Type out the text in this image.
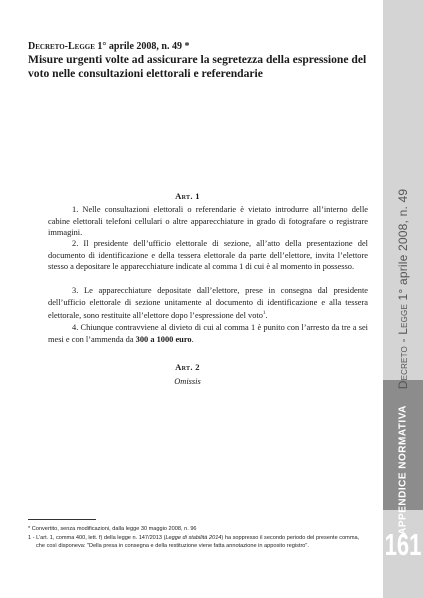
Decreto-Legge 1° aprile 2008, n. 49 *
Misure urgenti volte ad assicurare la segretezza della espressione del voto nelle consultazioni elettorali e referendarie
Art. 1

1. Nelle consultazioni elettorali o referendarie è vietato introdurre all’interno delle cabine elettorali telefoni cellulari o altre apparecchiature in grado di fotografare o registrare immagini.

2. Il presidente dell’ufficio elettorale di sezione, all’atto della presentazione del documento di identificazione e della tessera elettorale da parte dell’elettore, invita l’elettore stesso a depositare le apparecchiature indicate al comma 1 di cui è al momento in possesso.

3. Le apparecchiature depositate dall’elettore, prese in consegna dal presidente dell’ufficio elettorale di sezione unitamente al documento di identificazione e alla tessera elettorale, sono restituite all’elettore dopo l’espressione del voto$^1$.

4. Chiunque contravviene al divieto di cui al comma 1 è punito con l’arresto da tre a sei mesi e con l’ammenda da 300 a 1000 euro.

Art. 2
Omissis

* Convertito, senza modificazioni, dalla legge 30 maggio 2008, n. 96

1 - L’art. 1, comma 400, lett. f) della legge n. 147/2013 (Legge di stabilità 2014) ha soppresso il secondo periodo del presente comma, che così disponeva: "Della presa in consegna e della restituzione viene fatta annotazione in apposito registro".

Decreto - Legge 1° aprile 2008, n. 49
APPENDICE NORMATIVA
161
